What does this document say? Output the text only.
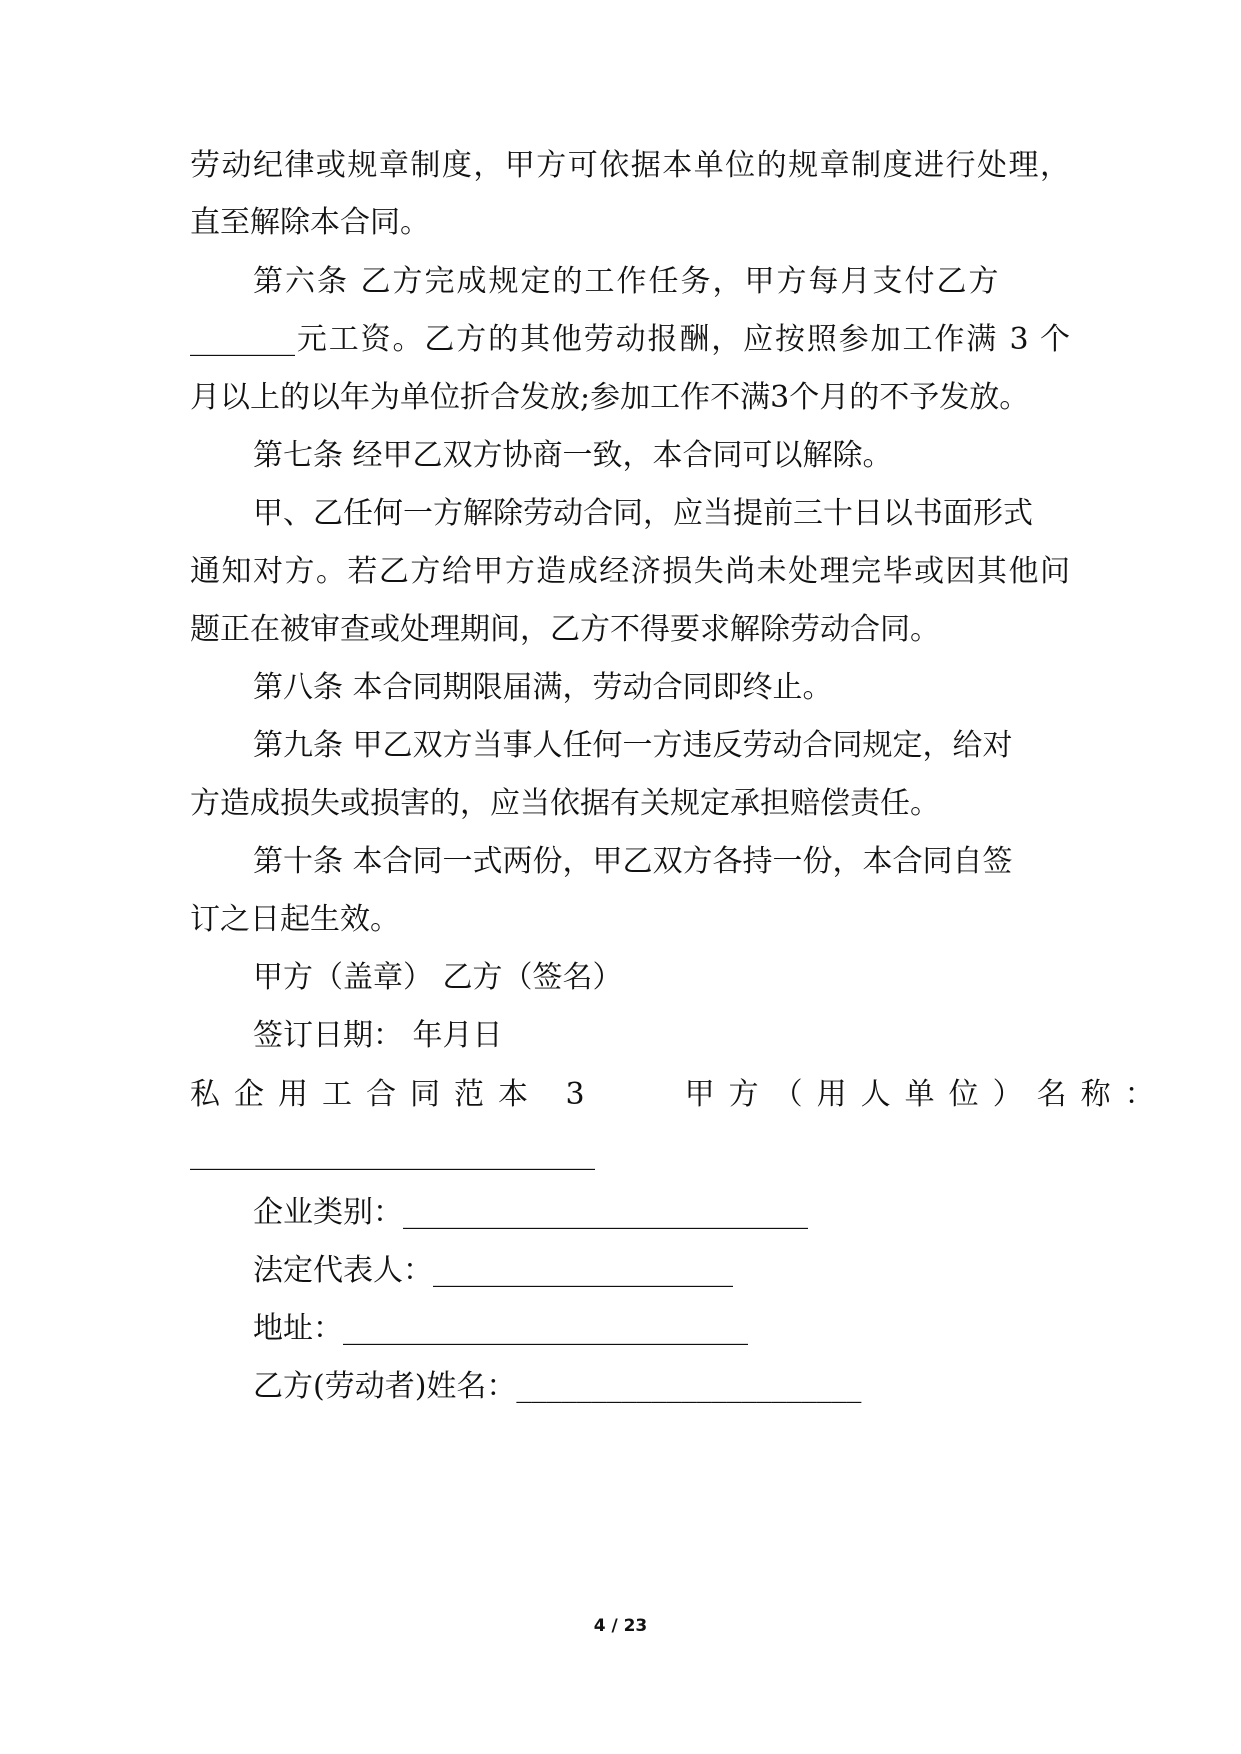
劳动纪律或规章制度，甲方可依据本单位的规章制度进行处理，
直至解除本合同。
第六条 乙方完成规定的工作任务，甲方每月支付乙方
_______元工资。乙方的其他劳动报酬，应按照参加工作满 3 个
月以上的以年为单位折合发放;参加工作不满3个月的不予发放。
第七条 经甲乙双方协商一致，本合同可以解除。
甲、乙任何一方解除劳动合同，应当提前三十日以书面形式
通知对方。若乙方给甲方造成经济损失尚未处理完毕或因其他问
题正在被审查或处理期间，乙方不得要求解除劳动合同。
第八条 本合同期限届满，劳动合同即终止。
第九条 甲乙双方当事人任何一方违反劳动合同规定，给对
方造成损失或损害的，应当依据有关规定承担赔偿责任。
第十条 本合同一式两份，甲乙双方各持一份，本合同自签
订之日起生效。
甲方（盖章） 乙方（签名）
签订日期： 年月日
私企用工合同范本 3	甲方（用人单位）名称：
___________________________
企业类别：___________________________
法定代表人：____________________
地址：___________________________
乙方(劳动者)姓名：_______________________
4 / 23
